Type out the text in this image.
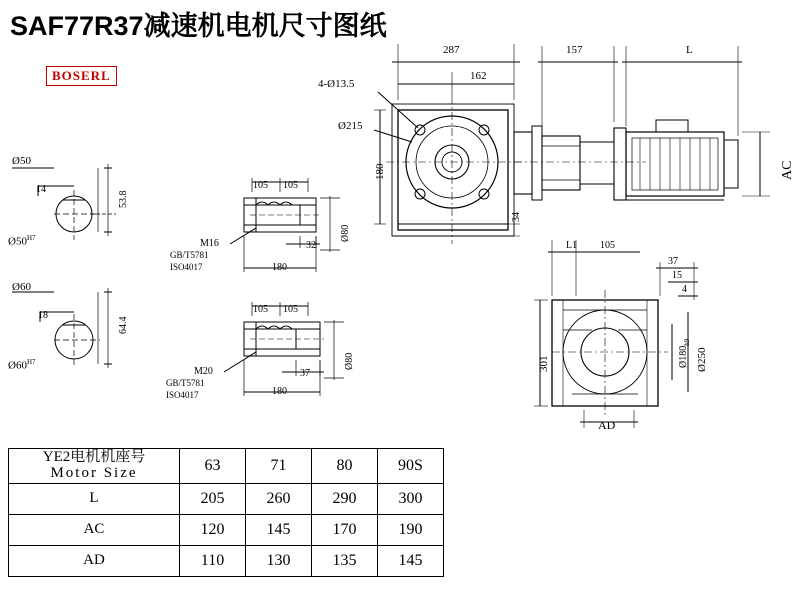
SAF77R37减速机电机尺寸图纸
BOSERL
287
162
157	L
4-Ø13.5
Ø215
180
34
AC
Ø50
53.8
14
$Ø50^{H7}$
Ø60
64.4
18
$Ø60^{H7}$
105 105
32
180
Ø80
M16
GB/T5781
ISO4017
105 105
37
180
Ø80
M20
GB/T5781
ISO4017
L1 105
37
15
4
301	$Ø180_{h9}$
Ø250
AD
YE2电机机座号
Motor Size	63	71	80	90S
L	205	260	290	300
AC	120	145	170	190
AD	110	130	135	145
